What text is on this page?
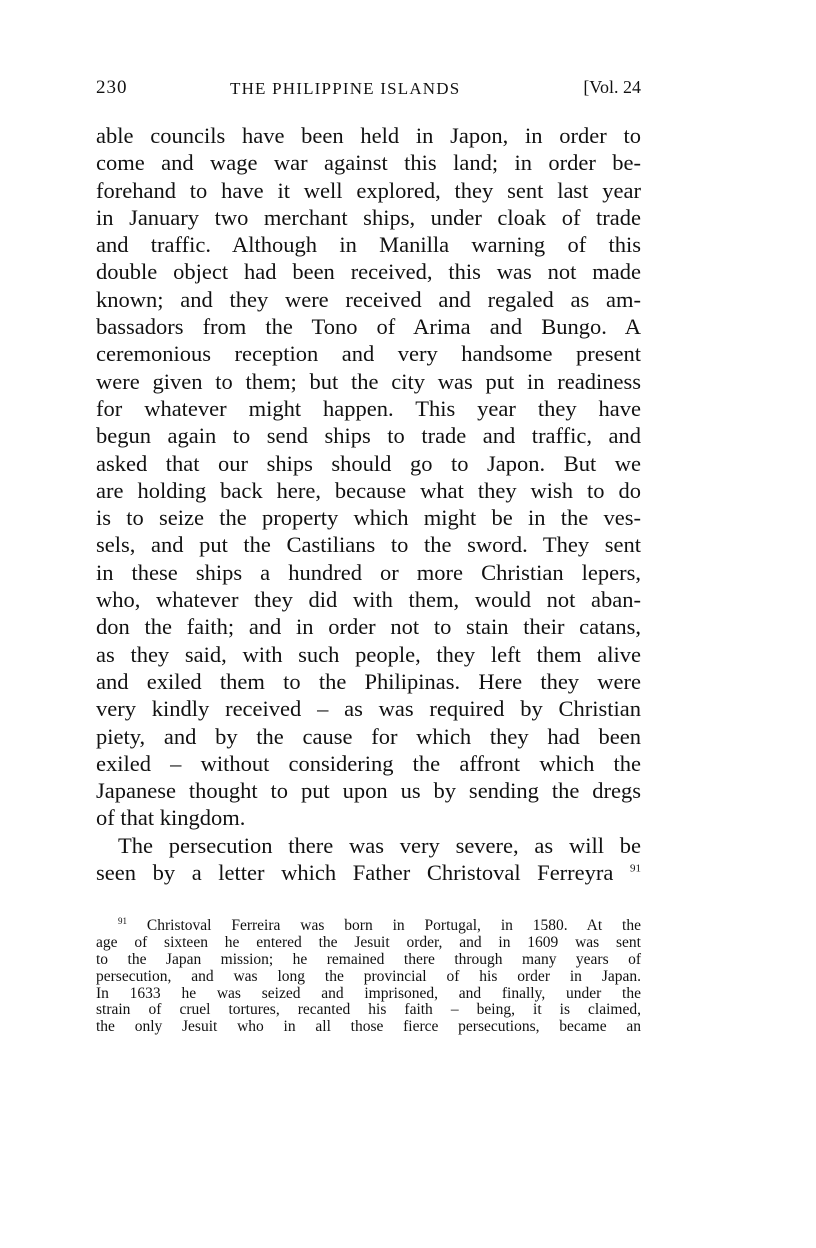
230	THE PHILIPPINE ISLANDS	[Vol. 24
able councils have been held in Japon, in order to
come and wage war against this land; in order be-
forehand to have it well explored, they sent last year
in January two merchant ships, under cloak of trade
and traffic. Although in Manilla warning of this
double object had been received, this was not made
known; and they were received and regaled as am-
bassadors from the Tono of Arima and Bungo. A
ceremonious reception and very handsome present
were given to them; but the city was put in readiness
for whatever might happen. This year they have
begun again to send ships to trade and traffic, and
asked that our ships should go to Japon. But we
are holding back here, because what they wish to do
is to seize the property which might be in the ves-
sels, and put the Castilians to the sword. They sent
in these ships a hundred or more Christian lepers,
who, whatever they did with them, would not aban-
don the faith; and in order not to stain their catans,
as they said, with such people, they left them alive
and exiled them to the Philipinas. Here they were
very kindly received – as was required by Christian
piety, and by the cause for which they had been
exiled – without considering the affront which the
Japanese thought to put upon us by sending the dregs
of that kingdom.
The persecution there was very severe, as will be
seen by a letter which Father Christoval Ferreyra $^{91}$
$^{91}$ Christoval Ferreira was born in Portugal, in 1580. At the
age of sixteen he entered the Jesuit order, and in 1609 was sent
to the Japan mission; he remained there through many years of
persecution, and was long the provincial of his order in Japan.
In 1633 he was seized and imprisoned, and finally, under the
strain of cruel tortures, recanted his faith – being, it is claimed,
the only Jesuit who in all those fierce persecutions, became an
